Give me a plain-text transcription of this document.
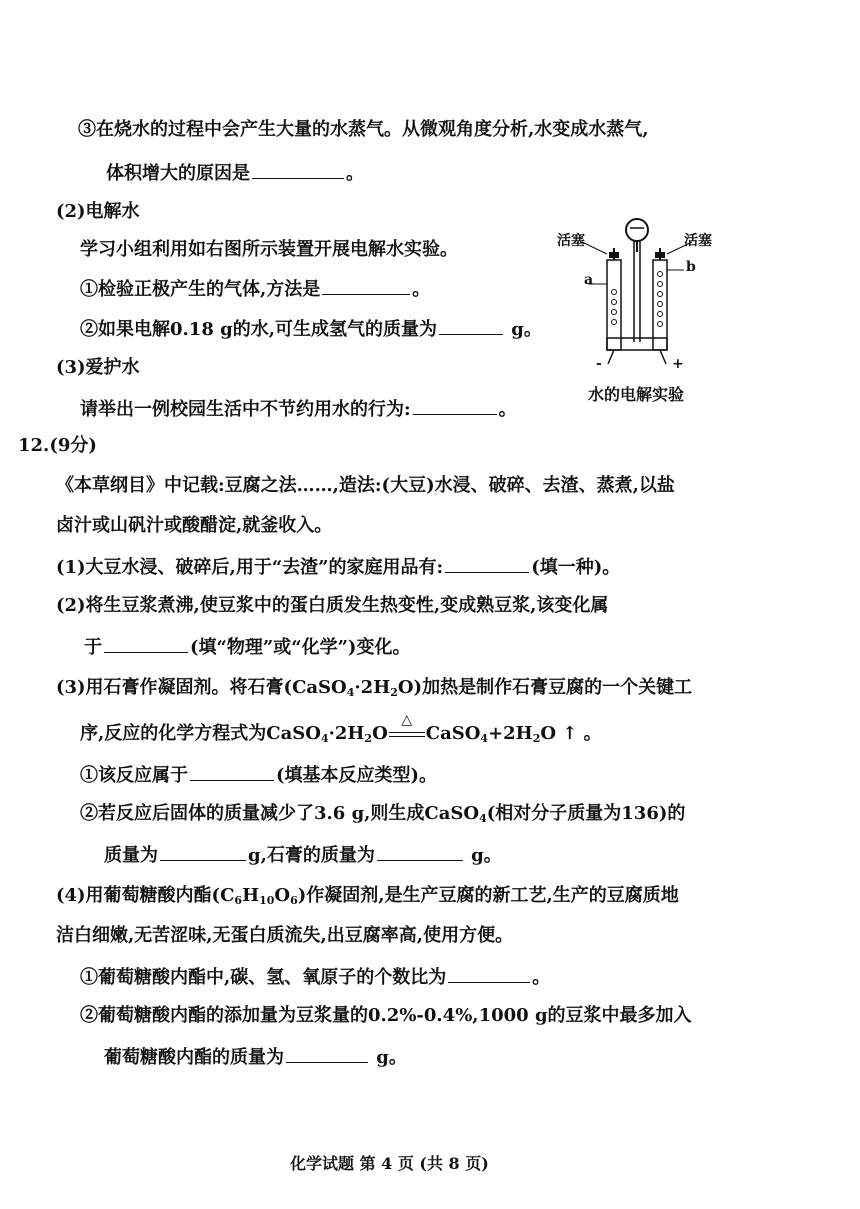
③在烧水的过程中会产生大量的水蒸气。从微观角度分析,水变成水蒸气,
体积增大的原因是	。
(2)电解水
学习小组利用如右图所示装置开展电解水实验。
①检验正极产生的气体,方法是	。
②如果电解0.18 g的水,可生成氢气的质量为	g。
(3)爱护水
请举出一例校园生活中不节约用水的行为:	。
活塞	活塞
a
b
-	+
水的电解实验
12.(9分)
《本草纲目》中记载:豆腐之法……,造法:(大豆)水浸、破碎、去渣、蒸煮,以盐
卤汁或山矾汁或酸醋淀,就釜收入。
(1)大豆水浸、破碎后,用于“去渣”的家庭用品有:	(填一种)。
(2)将生豆浆煮沸,使豆浆中的蛋白质发生热变性,变成熟豆浆,该变化属
于	(填“物理”或“化学”)变化。
(3)用石膏作凝固剂。将石膏$(CaSO_4\cdot 2H_2O)$加热是制作石膏豆腐的一个关键工
序,反应的化学方程式为$CaSO_4\cdot 2H_2O$
△
$CaSO_4+2H_2O$ ↑ 。
①该反应属于	(填基本反应类型)。
②若反应后固体的质量减少了3.6 g,则生成CaSO$_4$(相对分子质量为136)的
质量为	g,石膏的质量为	g。
(4)用葡萄糖酸内酯$(C_6H_{10}O_6)$作凝固剂,是生产豆腐的新工艺,生产的豆腐质地
洁白细嫩,无苦涩味,无蛋白质流失,出豆腐率高,使用方便。
①葡萄糖酸内酯中,碳、氢、氧原子的个数比为	。
②葡萄糖酸内酯的添加量为豆浆量的0.2%-0.4%,1000 g的豆浆中最多加入
葡萄糖酸内酯的质量为	g。
化学试题 第 4 页 (共 8 页)
